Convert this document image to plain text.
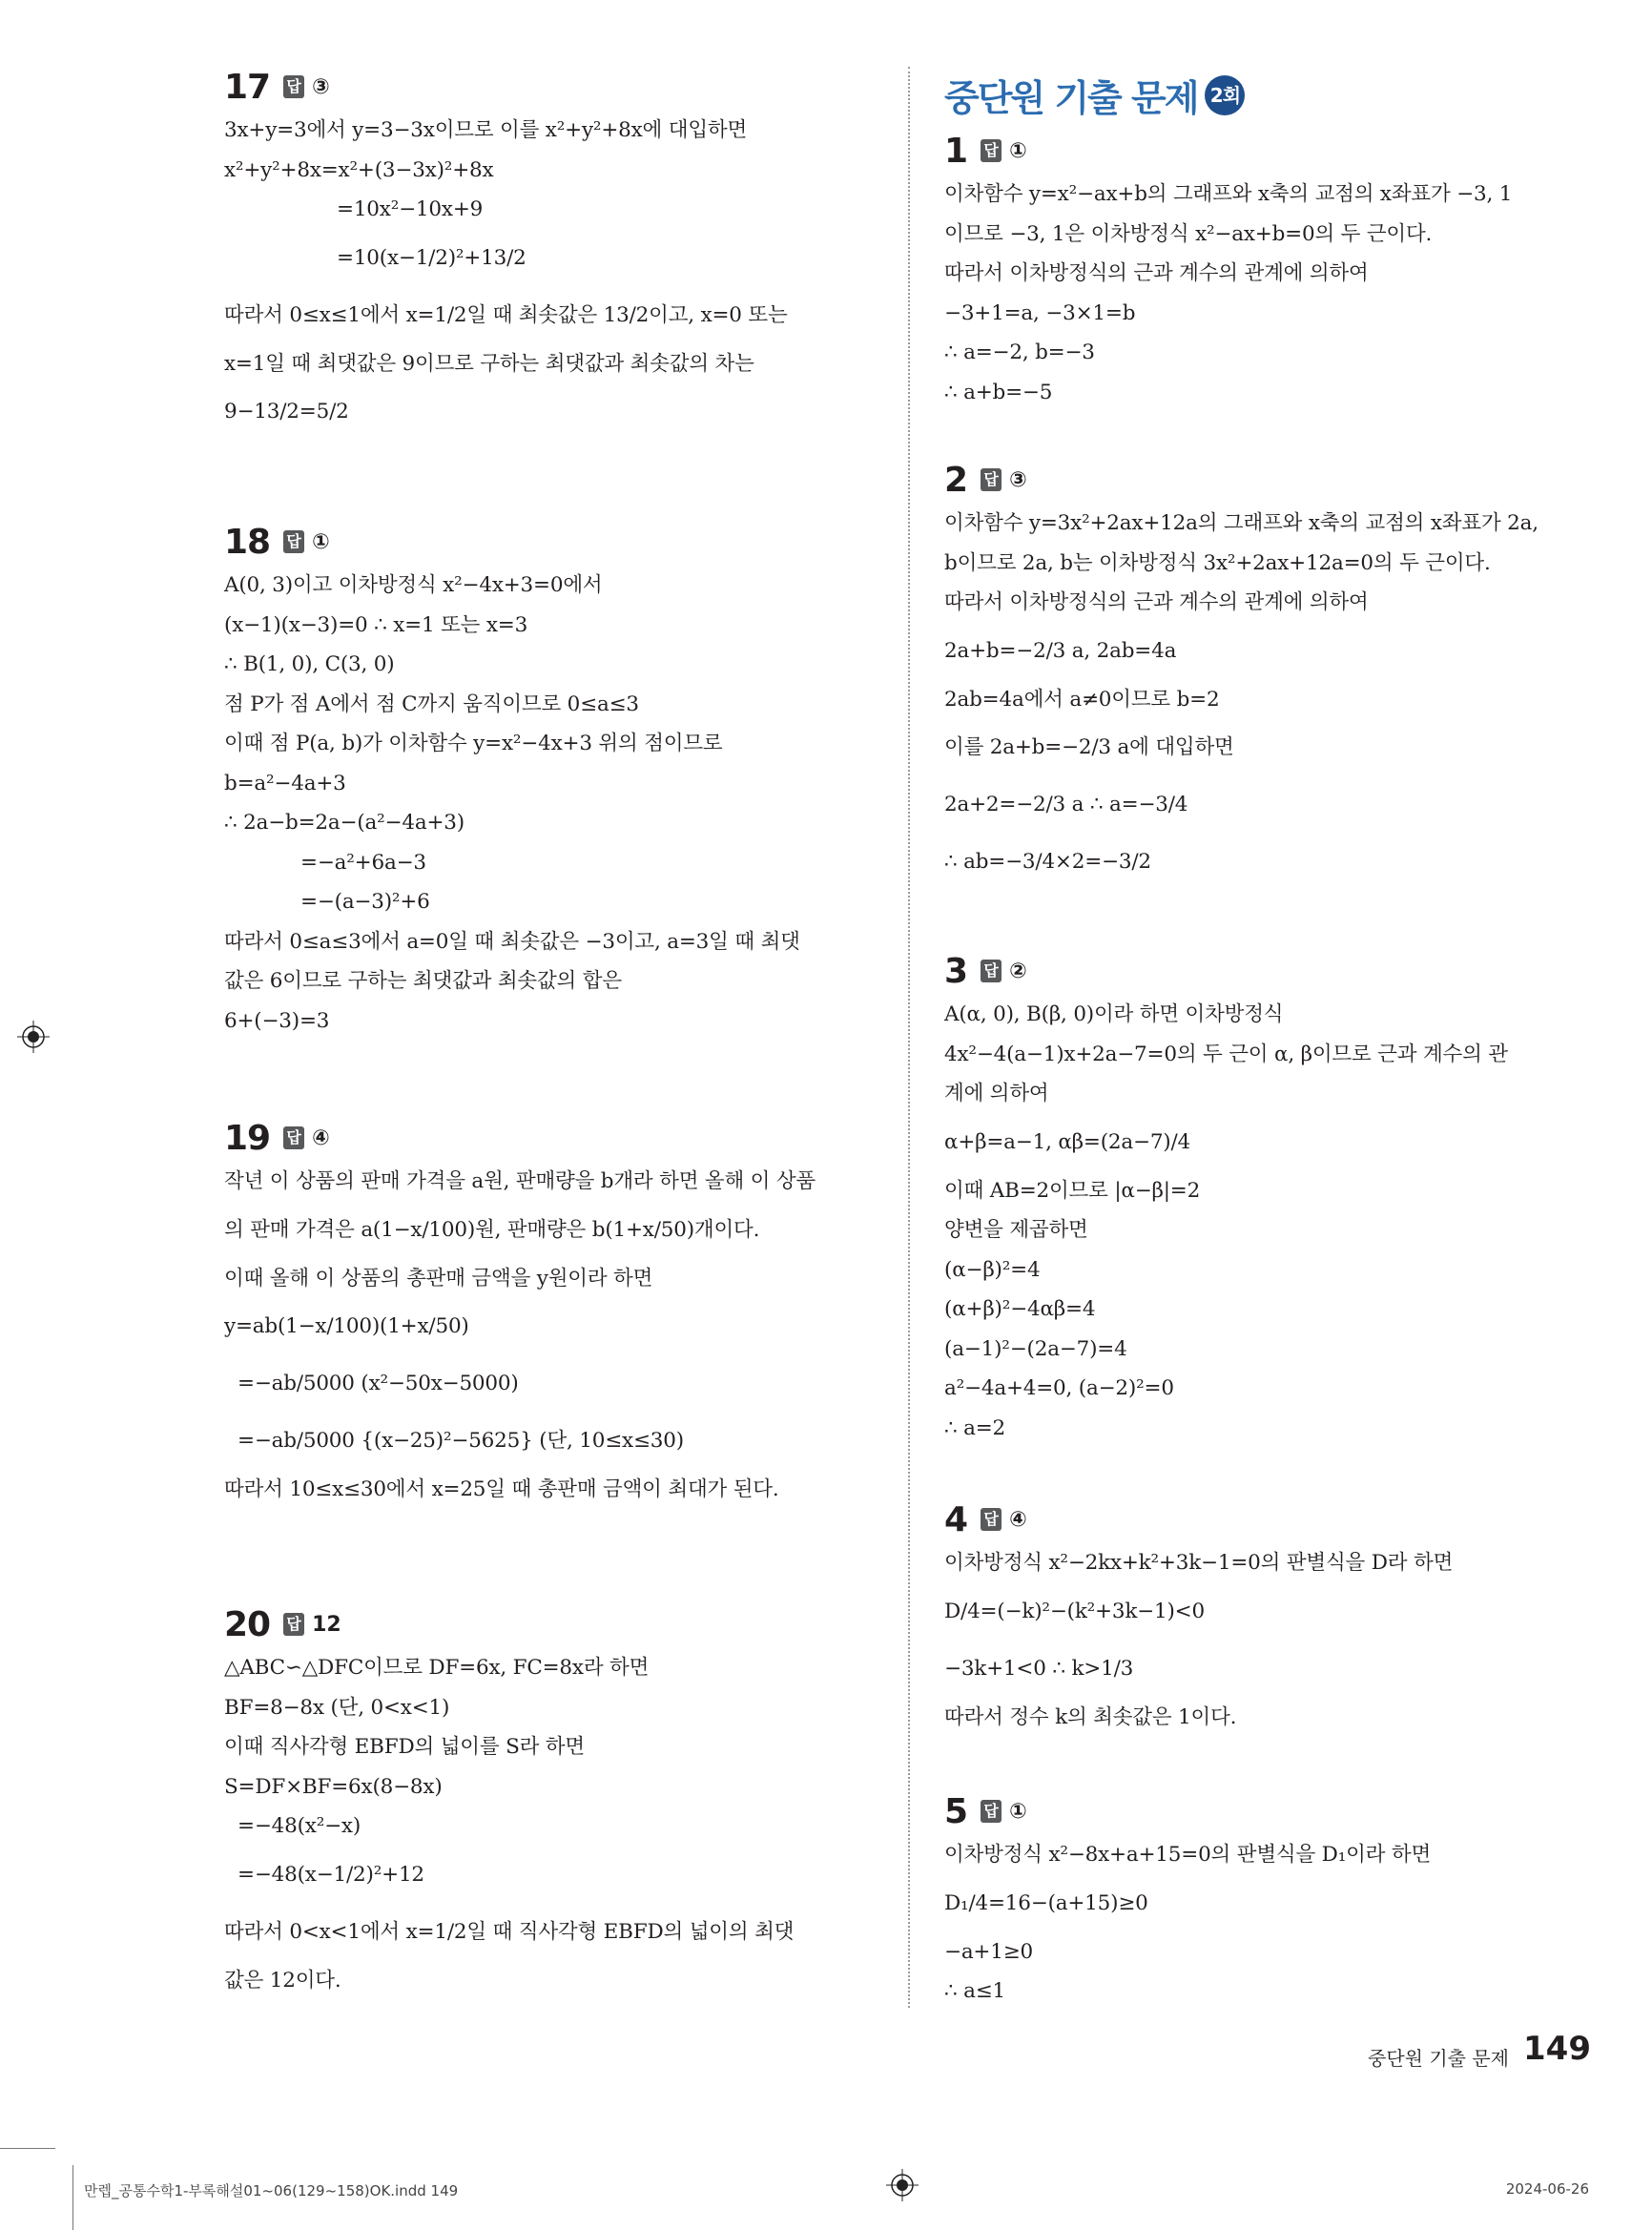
중단원 기출 문제 2회
17 답 ③
3x+y=3에서 y=3−3x이므로 이를 x²+y²+8x에 대입하면
x²+y²+8x=x²+(3−3x)²+8x
=10x²−10x+9
=10(x−1/2)²+13/2
따라서 0≤x≤1에서 x=1/2일 때 최솟값은 13/2이고, x=0 또는
x=1일 때 최댓값은 9이므로 구하는 최댓값과 최솟값의 차는
9−13/2=5/2
18 답 ①
A(0, 3)이고 이차방정식 x²−4x+3=0에서
(x−1)(x−3)=0 ∴ x=1 또는 x=3
∴ B(1, 0), C(3, 0)
점 P가 점 A에서 점 C까지 움직이므로 0≤a≤3
이때 점 P(a, b)가 이차함수 y=x²−4x+3 위의 점이므로
b=a²−4a+3
∴ 2a−b=2a−(a²−4a+3)
=−a²+6a−3
=−(a−3)²+6
따라서 0≤a≤3에서 a=0일 때 최솟값은 −3이고, a=3일 때 최댓
값은 6이므로 구하는 최댓값과 최솟값의 합은
6+(−3)=3
19 답 ④
작년 이 상품의 판매 가격을 a원, 판매량을 b개라 하면 올해 이 상품
의 판매 가격은 a(1−x/100)원, 판매량은 b(1+x/50)개이다.
이때 올해 이 상품의 총판매 금액을 y원이라 하면
y=ab(1−x/100)(1+x/50)
=−ab/5000 (x²−50x−5000)
=−ab/5000 {(x−25)²−5625} (단, 10≤x≤30)
따라서 10≤x≤30에서 x=25일 때 총판매 금액이 최대가 된다.
20 답 12
△ABC∽△DFC이므로 DF=6x, FC=8x라 하면
BF=8−8x (단, 0<x<1)
이때 직사각형 EBFD의 넓이를 S라 하면
S=DF×BF=6x(8−8x)
=−48(x²−x)
=−48(x−1/2)²+12
따라서 0<x<1에서 x=1/2일 때 직사각형 EBFD의 넓이의 최댓
값은 12이다.
1 답 ①
이차함수 y=x²−ax+b의 그래프와 x축의 교점의 x좌표가 −3, 1
이므로 −3, 1은 이차방정식 x²−ax+b=0의 두 근이다.
따라서 이차방정식의 근과 계수의 관계에 의하여
−3+1=a, −3×1=b
∴ a=−2, b=−3
∴ a+b=−5
2 답 ③
이차함수 y=3x²+2ax+12a의 그래프와 x축의 교점의 x좌표가 2a,
b이므로 2a, b는 이차방정식 3x²+2ax+12a=0의 두 근이다.
따라서 이차방정식의 근과 계수의 관계에 의하여
2a+b=−2/3 a, 2ab=4a
2ab=4a에서 a≠0이므로 b=2
이를 2a+b=−2/3 a에 대입하면
2a+2=−2/3 a ∴ a=−3/4
∴ ab=−3/4×2=−3/2
3 답 ②
A(α, 0), B(β, 0)이라 하면 이차방정식
4x²−4(a−1)x+2a−7=0의 두 근이 α, β이므로 근과 계수의 관
계에 의하여
α+β=a−1, αβ=(2a−7)/4
이때 AB=2이므로 |α−β|=2
양변을 제곱하면
(α−β)²=4
(α+β)²−4αβ=4
(a−1)²−(2a−7)=4
a²−4a+4=0, (a−2)²=0
∴ a=2
4 답 ④
이차방정식 x²−2kx+k²+3k−1=0의 판별식을 D라 하면
D/4=(−k)²−(k²+3k−1)<0
−3k+1<0 ∴ k>1/3
따라서 정수 k의 최솟값은 1이다.
5 답 ①
이차방정식 x²−8x+a+15=0의 판별식을 D₁이라 하면
D₁/4=16−(a+15)≥0
−a+1≥0
∴ a≤1
중단원 기출 문제 149
만렙_공통수학1-부록해설01~06(129~158)OK.indd 149	2024-06-26
